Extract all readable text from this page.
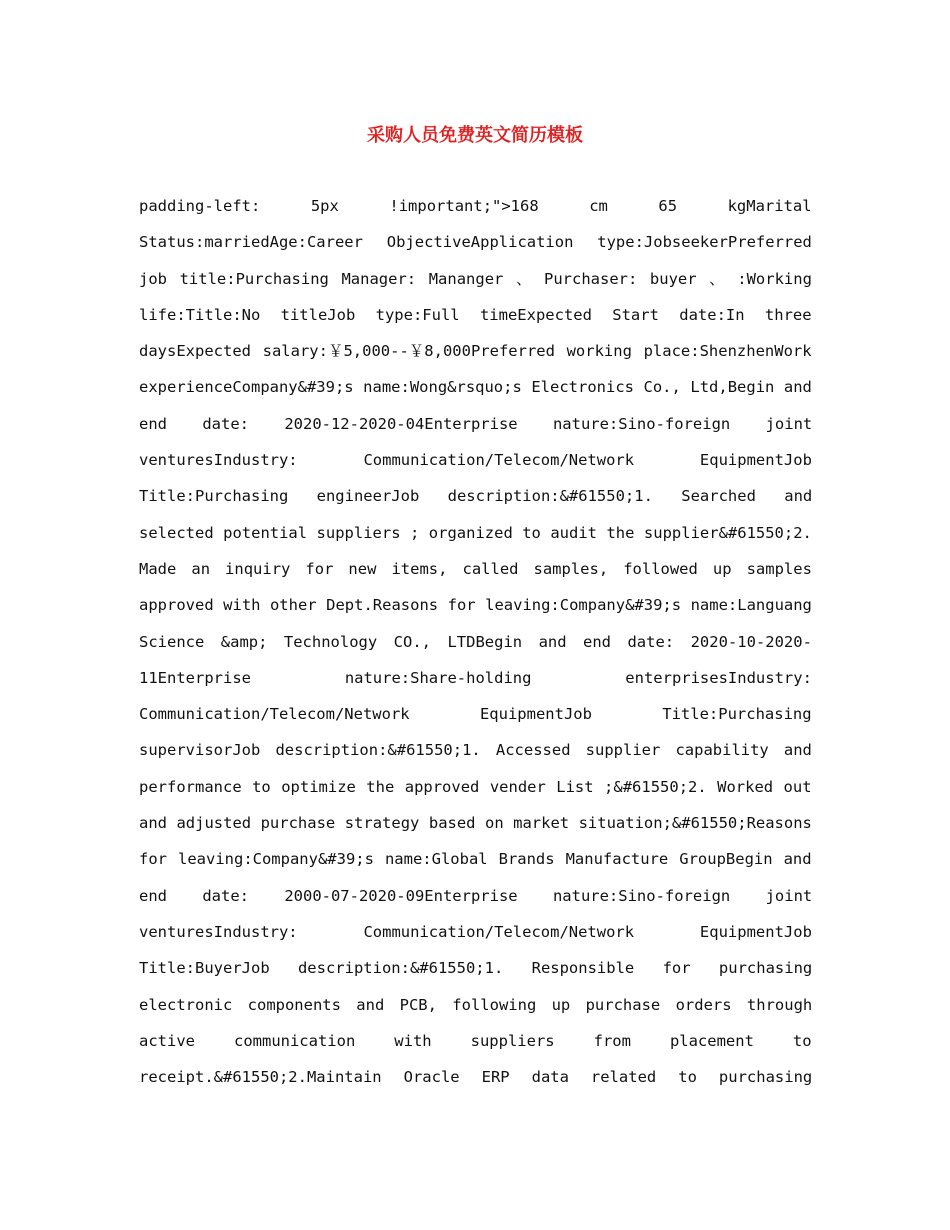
采购人员免费英文简历模板
padding-left: 5px !important;">168 cm 65 kgMarital
Status:marriedAge:Career ObjectiveApplication type:JobseekerPreferred
job title:Purchasing Manager: Mananger 、 Purchaser: buyer 、 :Working
life:Title:No titleJob type:Full timeExpected Start date:In three
daysExpected salary:￥5,000--￥8,000Preferred working place:ShenzhenWork
experienceCompany&#39;s name:Wong&rsquo;s Electronics Co., Ltd,Begin and
end date: 2020-12-2020-04Enterprise nature:Sino-foreign joint
venturesIndustry: Communication/Telecom/Network EquipmentJob
Title:Purchasing engineerJob description:&#61550;1. Searched and
selected potential suppliers ; organized to audit the supplier&#61550;2.
Made an inquiry for new items, called samples, followed up samples
approved with other Dept.Reasons for leaving:Company&#39;s name:Languang
Science &amp; Technology CO., LTDBegin and end date: 2020-10-2020-
11Enterprise nature:Share-holding enterprisesIndustry:
Communication/Telecom/Network EquipmentJob Title:Purchasing
supervisorJob description:&#61550;1. Accessed supplier capability and
performance to optimize the approved vender List ;&#61550;2. Worked out
and adjusted purchase strategy based on market situation;&#61550;Reasons
for leaving:Company&#39;s name:Global Brands Manufacture GroupBegin and
end date: 2000-07-2020-09Enterprise nature:Sino-foreign joint
venturesIndustry: Communication/Telecom/Network EquipmentJob
Title:BuyerJob description:&#61550;1. Responsible for purchasing
electronic components and PCB, following up purchase orders through
active communication with suppliers from placement to
receipt.&#61550;2.Maintain Oracle ERP data related to purchasing
